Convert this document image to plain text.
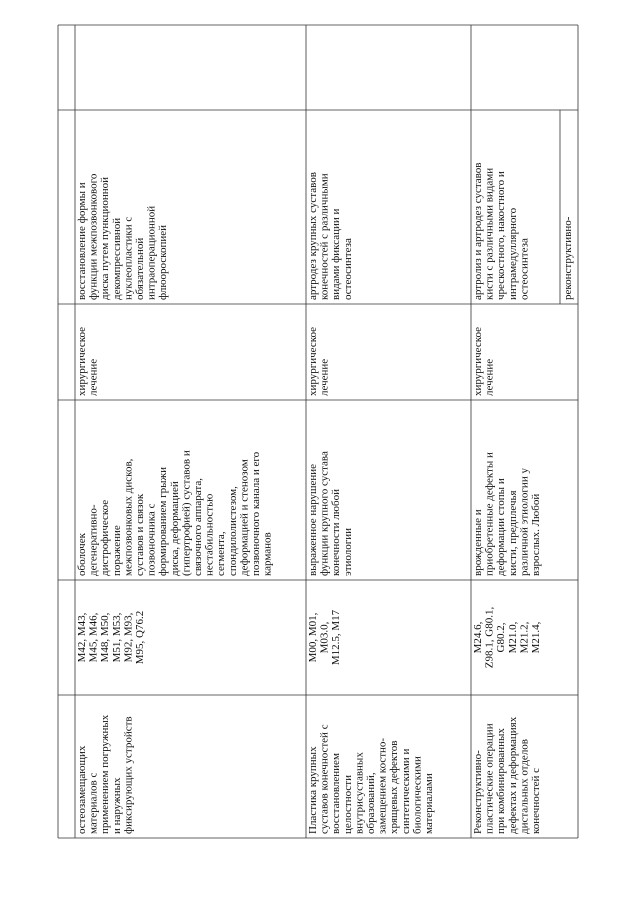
остеозамещающих материалов с применением погружных и наружных фиксирующих устройств
M42, M43, M45, M46, M48, M50, M51, M53, M92, M93, M95, Q76.2
оболочек дегенеративно- дистрофическое поражение межпозвонковых дисков, суставов и связок позвоночника с формированием грыжи диска, деформацией (гипертрофией) суставов и связочного аппарата, нестабильностью сегмента, спондилолистезом, деформацией и стенозом позвоночного канала и его карманов
хирургическое лечение
восстановление формы и функции межпозвонкового диска путем пункционной декомпрессивной нуклеопластики с обязательной интраоперационной флюороскопией
Пластика крупных суставов конечностей с восстановлением целостности внутрисуставных образований, замещением костно- хрящевых дефектов синтетическими и биологическими материалами
M00, M01, M03.0, M12.5, M17
выраженное нарушение функции крупного сустава конечности любой этиологии
хирургическое лечение
артродез крупных суставов конечностей с различными видами фиксации и остеосинтеза
Реконструктивно- пластические операции при комбинированных дефектах и деформациях дистальных отделов конечностей с
M24.6, Z98.1, G80.1, G80.2, M21.0, M21.2, M21.4,
врожденные и приобретенные дефекты и деформации стопы и кисти, предплечья различной этиологии у взрослых. Любой
хирургическое лечение
артролиз и артродез суставов кисти с различными видами чрескостного, накостного и интрамедуллярного остеосинтеза	реконструктивно-
